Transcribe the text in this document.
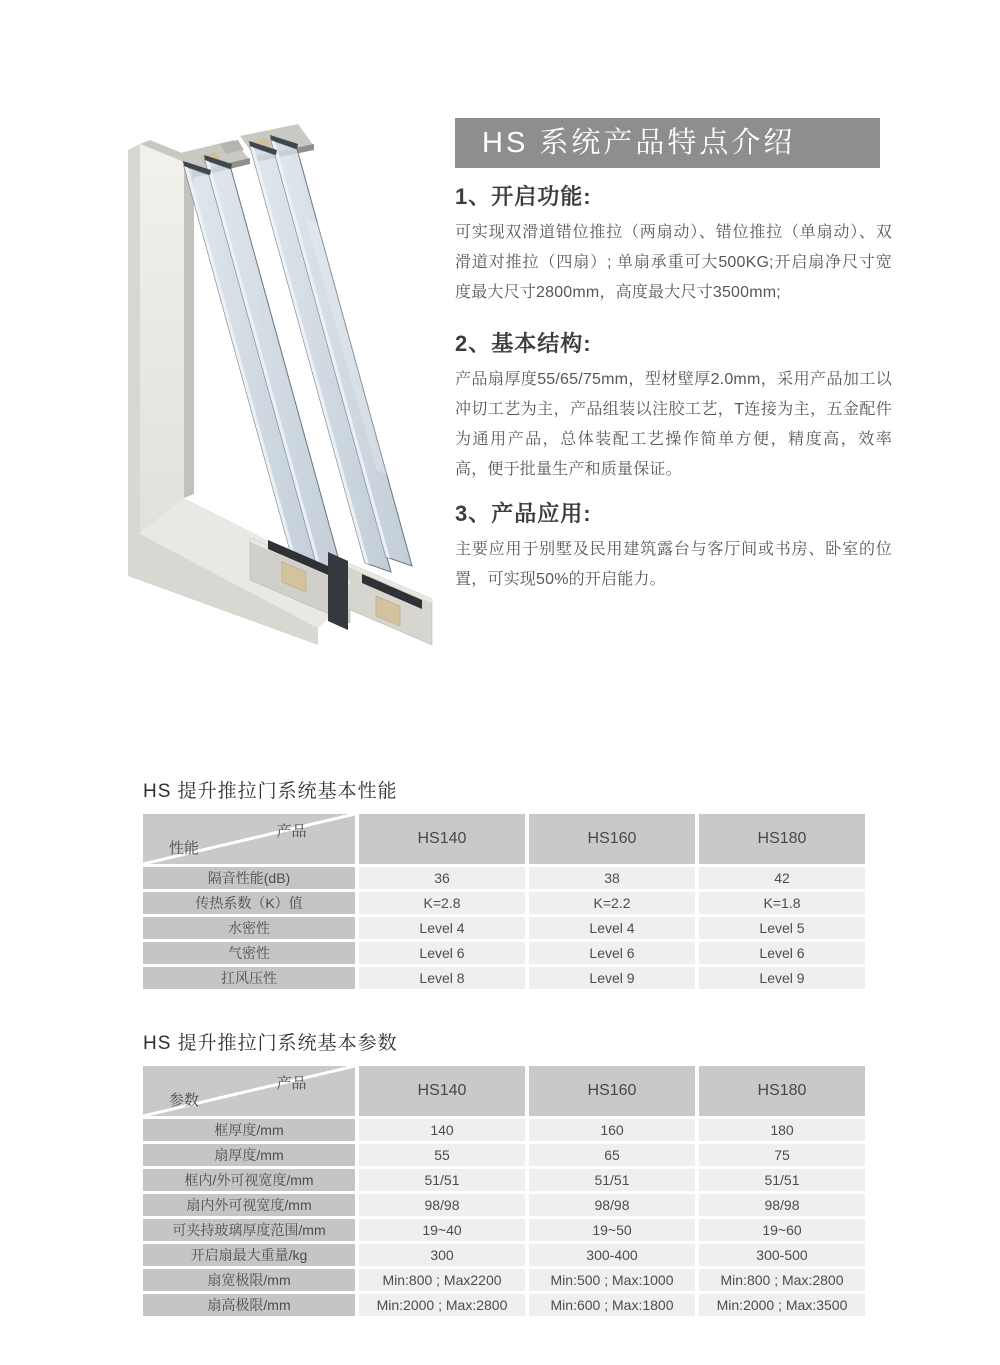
HS 系统产品特点介绍
1、开启功能:

可实现双滑道错位推拉（两扇动）、错位推拉（单扇动）、双滑道对推拉（四扇）; 单扇承重可大500KG;开启扇净尺寸宽度最大尺寸2800mm，高度最大尺寸3500mm;

2、基本结构:

产品扇厚度55/65/75mm，型材壁厚2.0mm，采用产品加工以冲切工艺为主，产品组装以注胶工艺，T连接为主，五金配件为通用产品，总体装配工艺操作简单方便，精度高，效率高，便于批量生产和质量保证。

3、产品应用:

主要应用于别墅及民用建筑露台与客厅间或书房、卧室的位置，可实现50%的开启能力。

HS 提升推拉门系统基本性能
产品
性能
HS140	HS160	HS180
隔音性能(dB)	36	38	42
传热系数（K）值	K=2.8	K=2.2	K=1.8
水密性	Level 4	Level 4	Level 5
气密性	Level 6	Level 6	Level 6
扛风压性	Level 8	Level 9	Level 9
HS 提升推拉门系统基本参数
产品
参数
HS140	HS160	HS180
框厚度/mm	140	160	180
扇厚度/mm	55	65	75
框内/外可视宽度/mm	51/51	51/51	51/51
扇内外可视宽度/mm	98/98	98/98	98/98
可夹持玻璃厚度范围/mm	19~40	19~50	19~60
开启扇最大重量/kg	300	300-400	300-500
扇宽极限/mm	Min:800 ; Max2200	Min:500 ; Max:1000	Min:800 ; Max:2800
扇高极限/mm	Min:2000 ; Max:2800	Min:600 ; Max:1800	Min:2000 ; Max:3500
